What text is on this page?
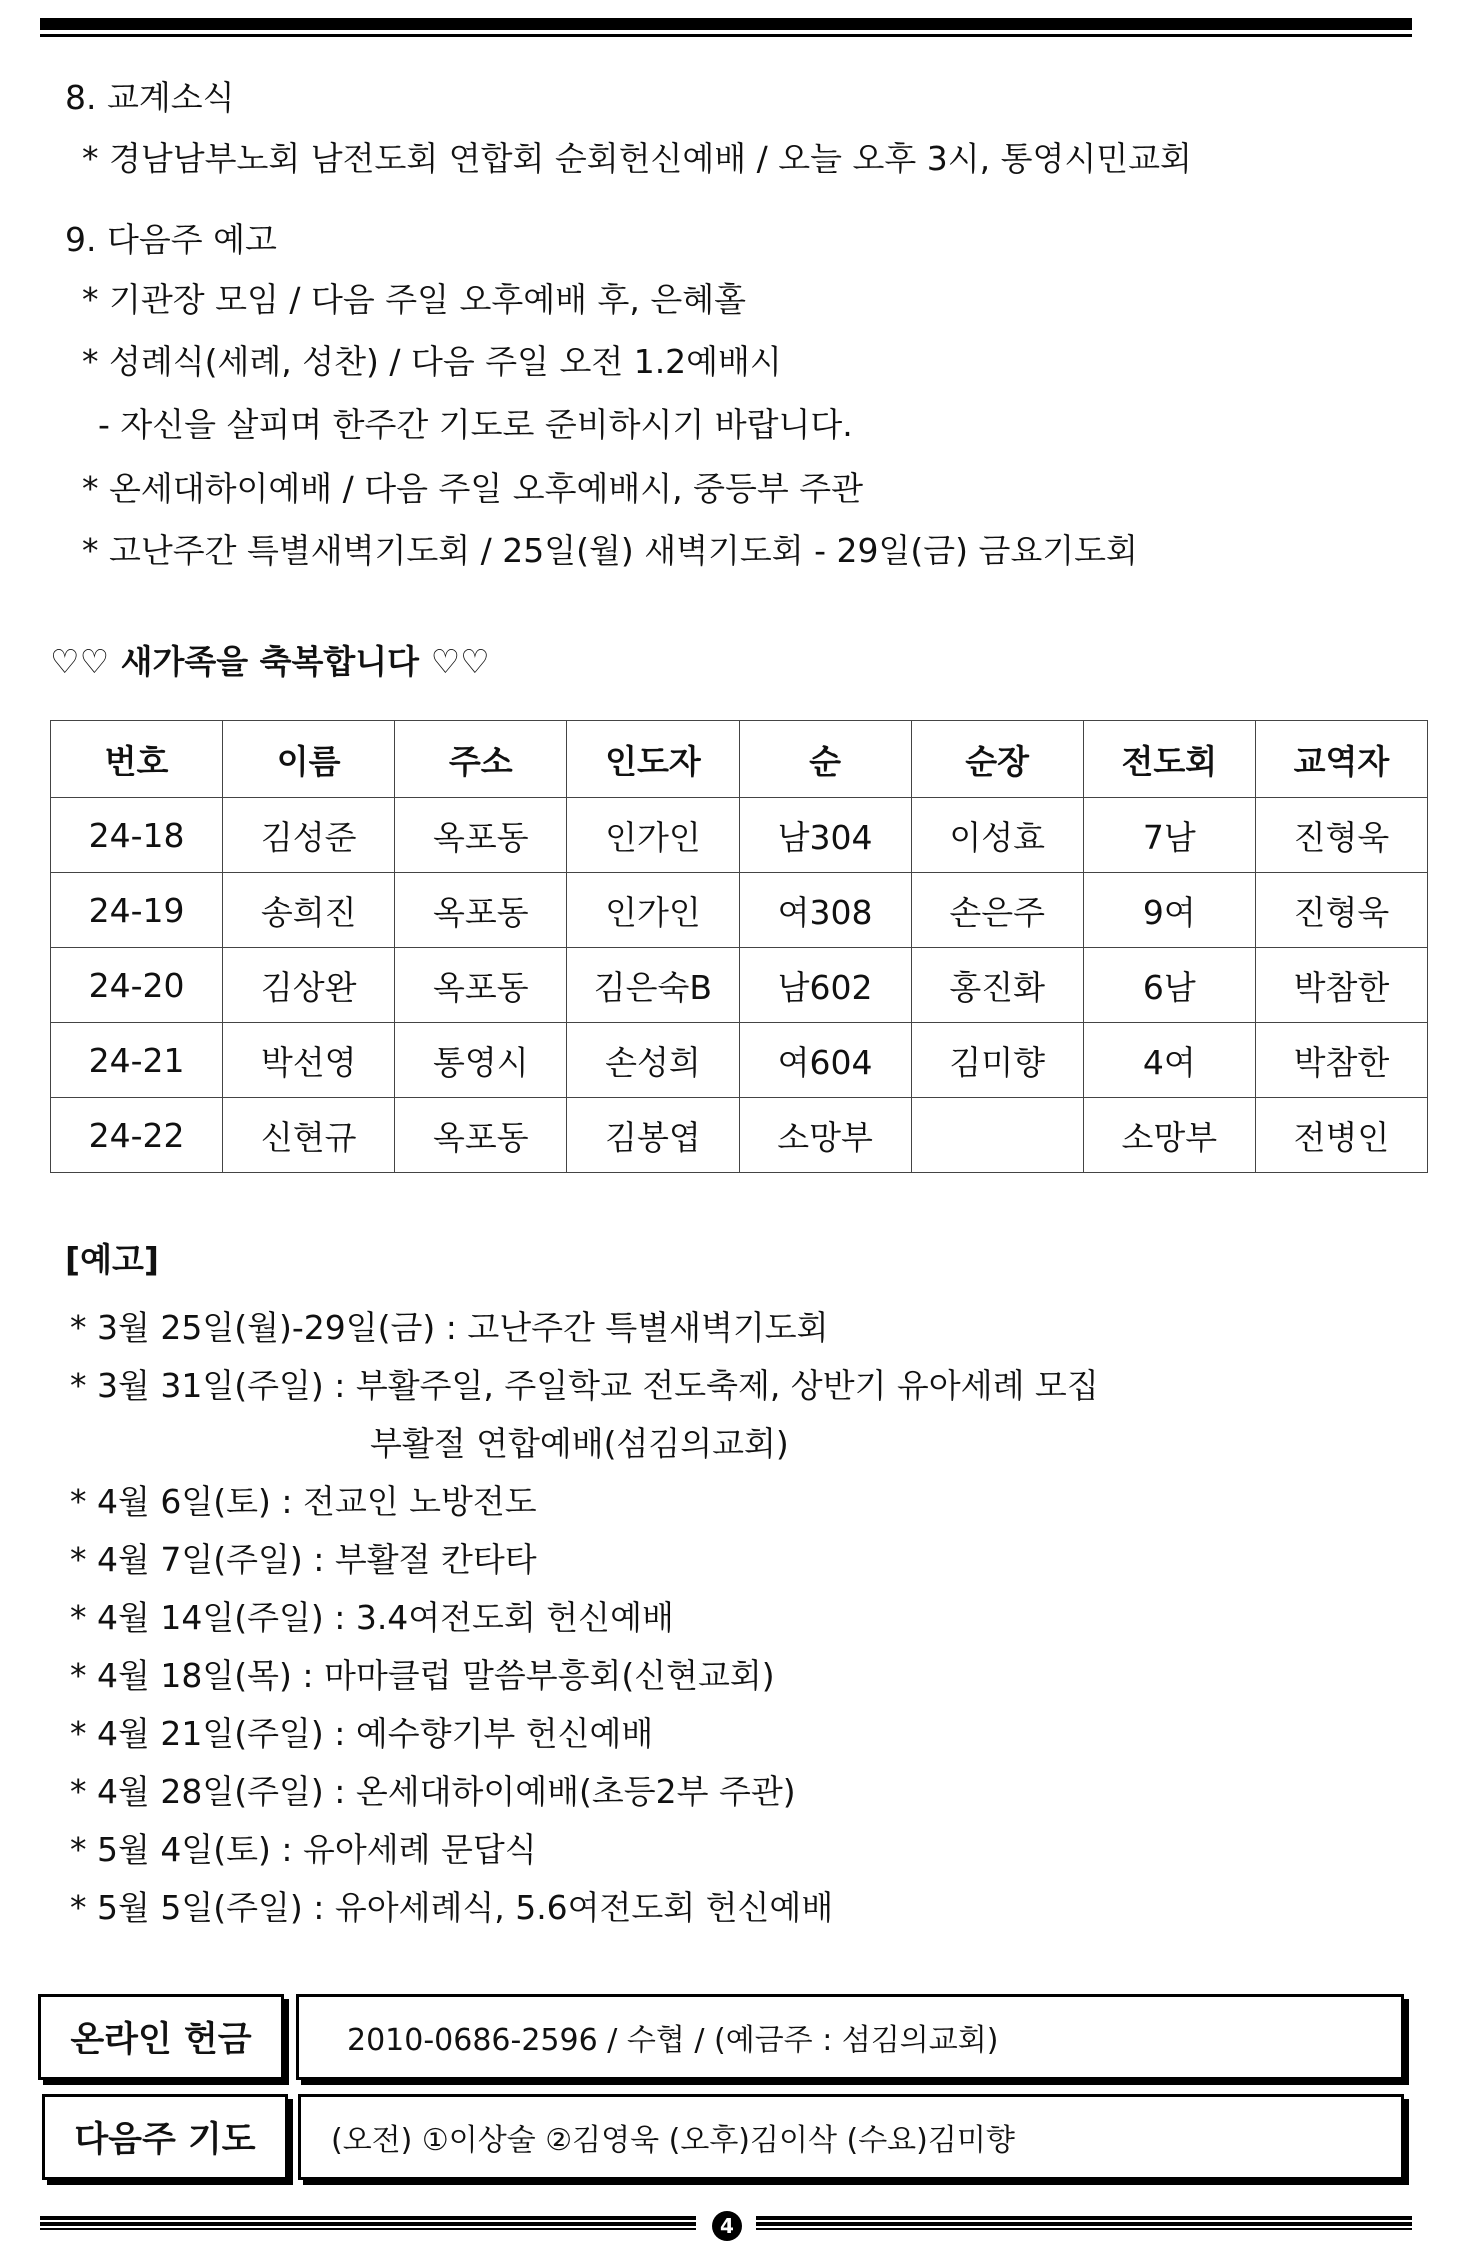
8. 교계소식
* 경남남부노회 남전도회 연합회 순회헌신예배 / 오늘 오후 3시, 통영시민교회
9. 다음주 예고
* 기관장 모임 / 다음 주일 오후예배 후, 은혜홀
* 성례식(세례, 성찬) / 다음 주일 오전 1.2예배시
- 자신을 살피며 한주간 기도로 준비하시기 바랍니다.
* 온세대하이예배 / 다음 주일 오후예배시, 중등부 주관
* 고난주간 특별새벽기도회 / 25일(월) 새벽기도회 - 29일(금) 금요기도회
♡♡ 새가족을 축복합니다 ♡♡
번호	이름	주소	인도자	순	순장	전도회	교역자
24-18	김성준	옥포동	인가인	남304	이성효	7남	진형욱
24-19	송희진	옥포동	인가인	여308	손은주	9여	진형욱
24-20	김상완	옥포동	김은숙B	남602	홍진화	6남	박참한
24-21	박선영	통영시	손성희	여604	김미향	4여	박참한
24-22	신현규	옥포동	김봉엽	소망부		소망부	전병인
[예고]
* 3월 25일(월)-29일(금) : 고난주간 특별새벽기도회
* 3월 31일(주일) : 부활주일, 주일학교 전도축제, 상반기 유아세례 모집
부활절 연합예배(섬김의교회)
* 4월 6일(토) : 전교인 노방전도
* 4월 7일(주일) : 부활절 칸타타
* 4월 14일(주일) : 3.4여전도회 헌신예배
* 4월 18일(목) : 마마클럽 말씀부흥회(신현교회)
* 4월 21일(주일) : 예수향기부 헌신예배
* 4월 28일(주일) : 온세대하이예배(초등2부 주관)
* 5월 4일(토) : 유아세례 문답식
* 5월 5일(주일) : 유아세례식, 5.6여전도회 헌신예배
온라인 헌금	2010-0686-2596 / 수협 / (예금주 : 섬김의교회)
다음주 기도	(오전) ①이상술 ②김영욱 (오후)김이삭 (수요)김미향
4
